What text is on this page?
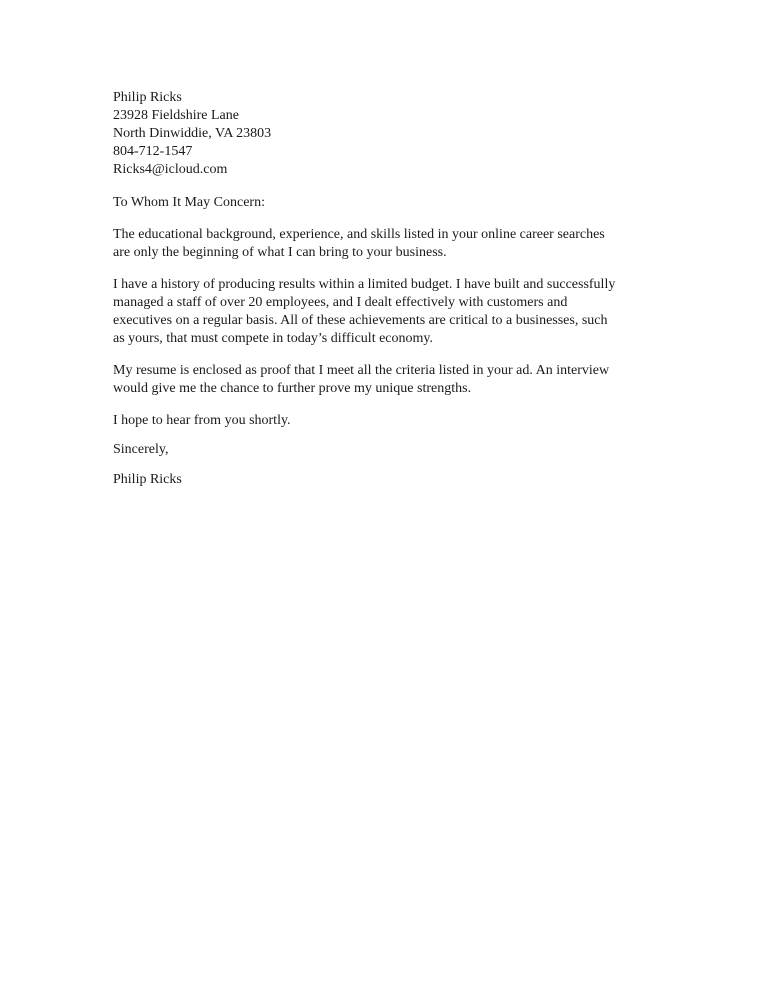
Philip Ricks
23928 Fieldshire Lane
North Dinwiddie, VA 23803
804-712-1547
Ricks4@icloud.com
To Whom It May Concern:

The educational background, experience, and skills listed in your online career searches
are only the beginning of what I can bring to your business.

I have a history of producing results within a limited budget. I have built and successfully
managed a staff of over 20 employees, and I dealt effectively with customers and
executives on a regular basis. All of these achievements are critical to a businesses, such
as yours, that must compete in today’s difficult economy.

My resume is enclosed as proof that I meet all the criteria listed in your ad. An interview
would give me the chance to further prove my unique strengths.

I hope to hear from you shortly.
Sincerely,
Philip Ricks
